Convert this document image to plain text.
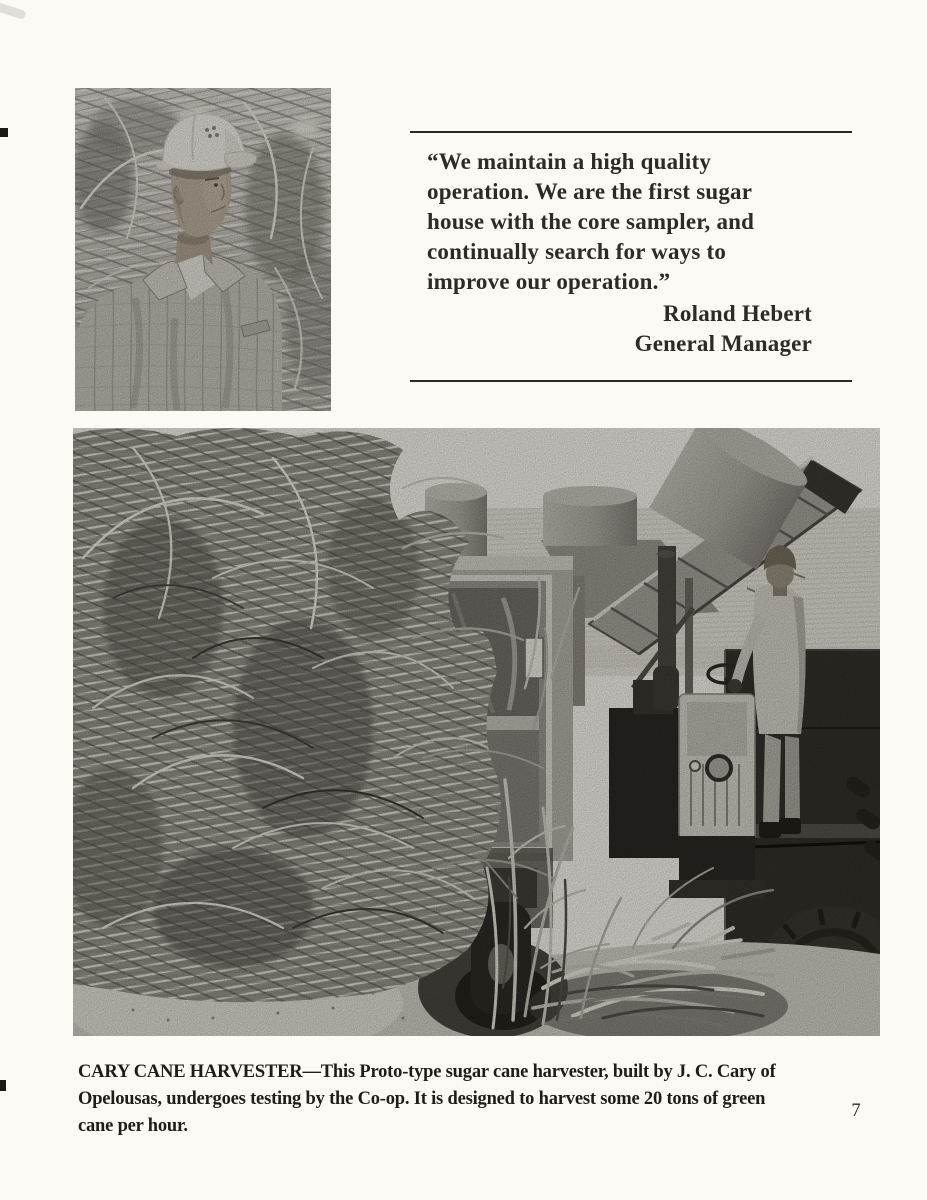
“We maintain a high quality

operation. We are the first sugar

house with the core sampler, and

continually search for ways to

improve our operation.”

Roland Hebert
General Manager

CARY CANE HARVESTER—This Proto-type sugar cane harvester, built by J. C. Cary of
Opelousas, undergoes testing by the Co-op. It is designed to harvest some 20 tons of green
cane per hour.

7
